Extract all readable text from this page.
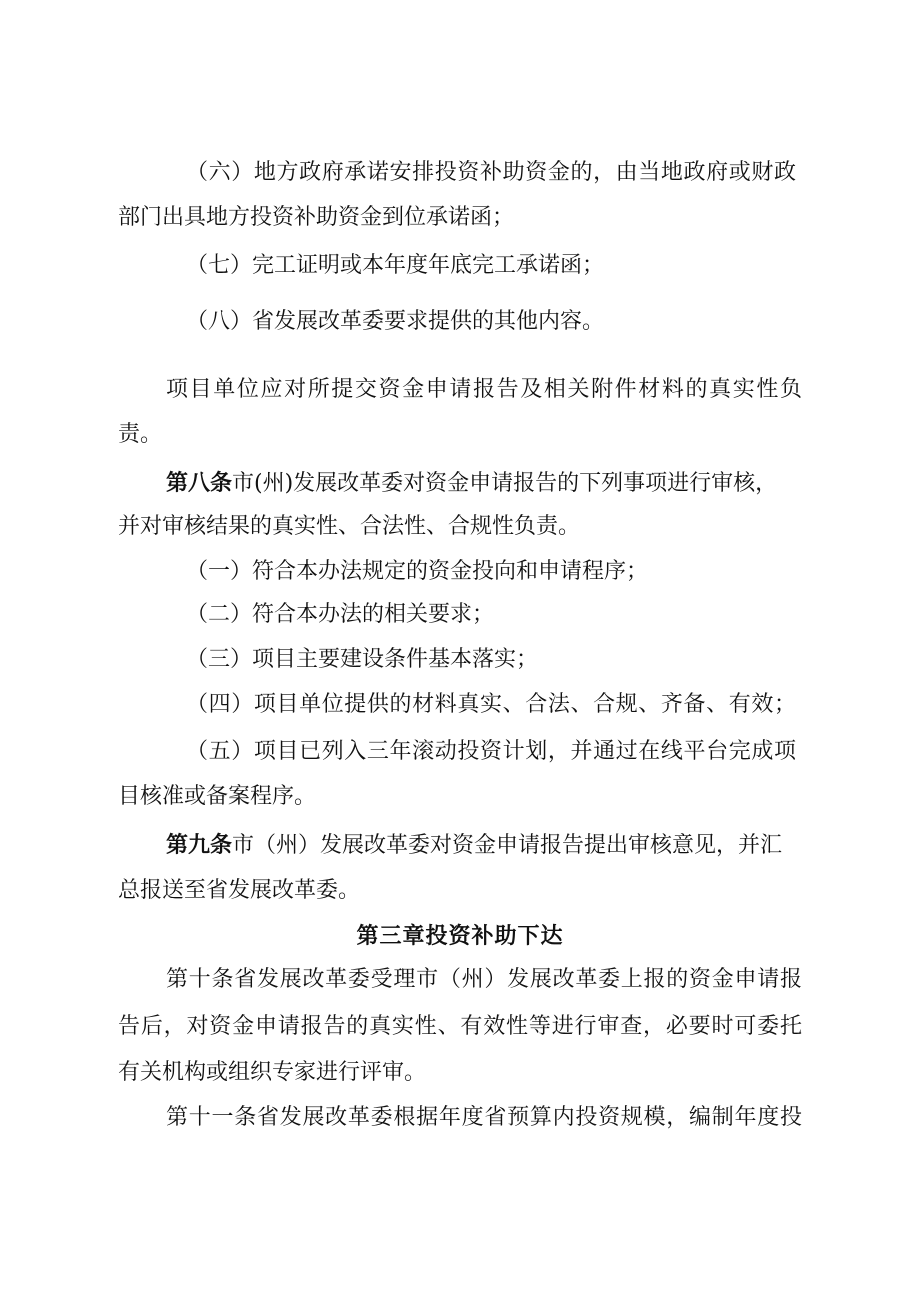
（六）地方政府承诺安排投资补助资金的，由当地政府或财政
部门出具地方投资补助资金到位承诺函；
（七）完工证明或本年度年底完工承诺函；
（八）省发展改革委要求提供的其他内容。
项目单位应对所提交资金申请报告及相关附件材料的真实性负
责。
第八条市(州)发展改革委对资金申请报告的下列事项进行审核，
并对审核结果的真实性、合法性、合规性负责。
（一）符合本办法规定的资金投向和申请程序；
（二）符合本办法的相关要求；
（三）项目主要建设条件基本落实；
（四）项目单位提供的材料真实、合法、合规、齐备、有效；
（五）项目已列入三年滚动投资计划，并通过在线平台完成项
目核准或备案程序。
第九条市（州）发展改革委对资金申请报告提出审核意见，并汇
总报送至省发展改革委。
第三章投资补助下达
第十条省发展改革委受理市（州）发展改革委上报的资金申请报
告后，对资金申请报告的真实性、有效性等进行审查，必要时可委托
有关机构或组织专家进行评审。
第十一条省发展改革委根据年度省预算内投资规模，编制年度投
